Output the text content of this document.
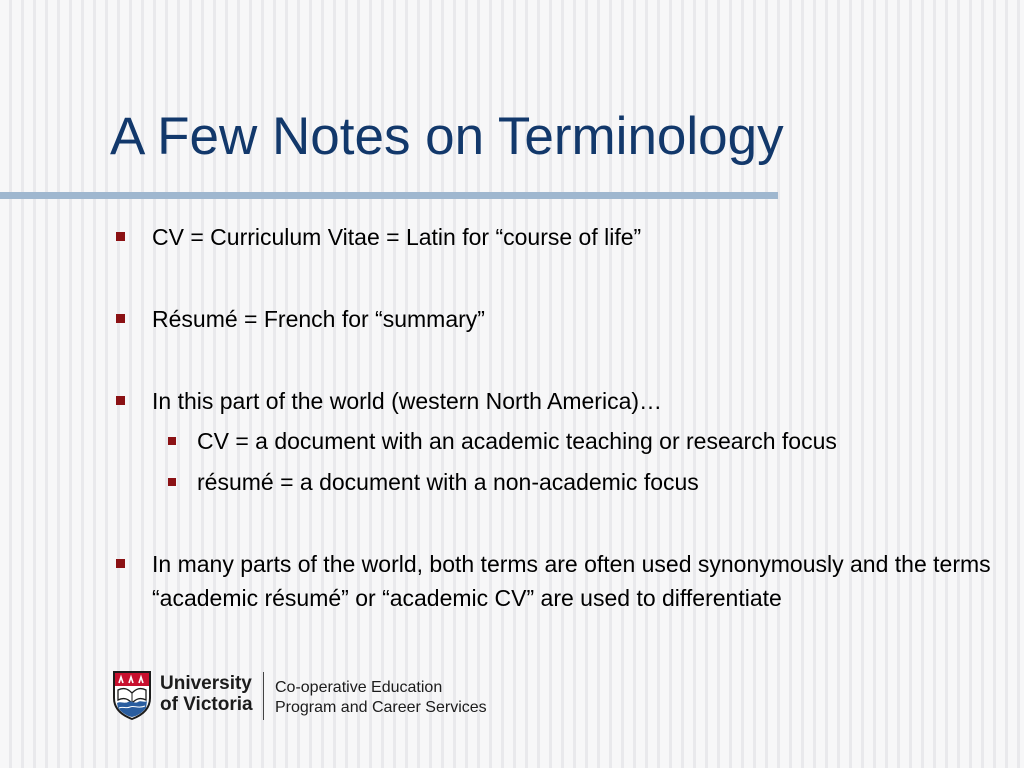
A Few Notes on Terminology
CV = Curriculum Vitae = Latin for “course of life”
Résumé = French for “summary”
In this part of the world (western North America)…
CV = a document with an academic teaching or research focus
résumé = a document with a non-academic focus
In many parts of the world, both terms are often used synonymously and the terms “academic résumé” or “academic CV” are used to differentiate
University
of Victoria
Co-operative Education
Program and Career Services
